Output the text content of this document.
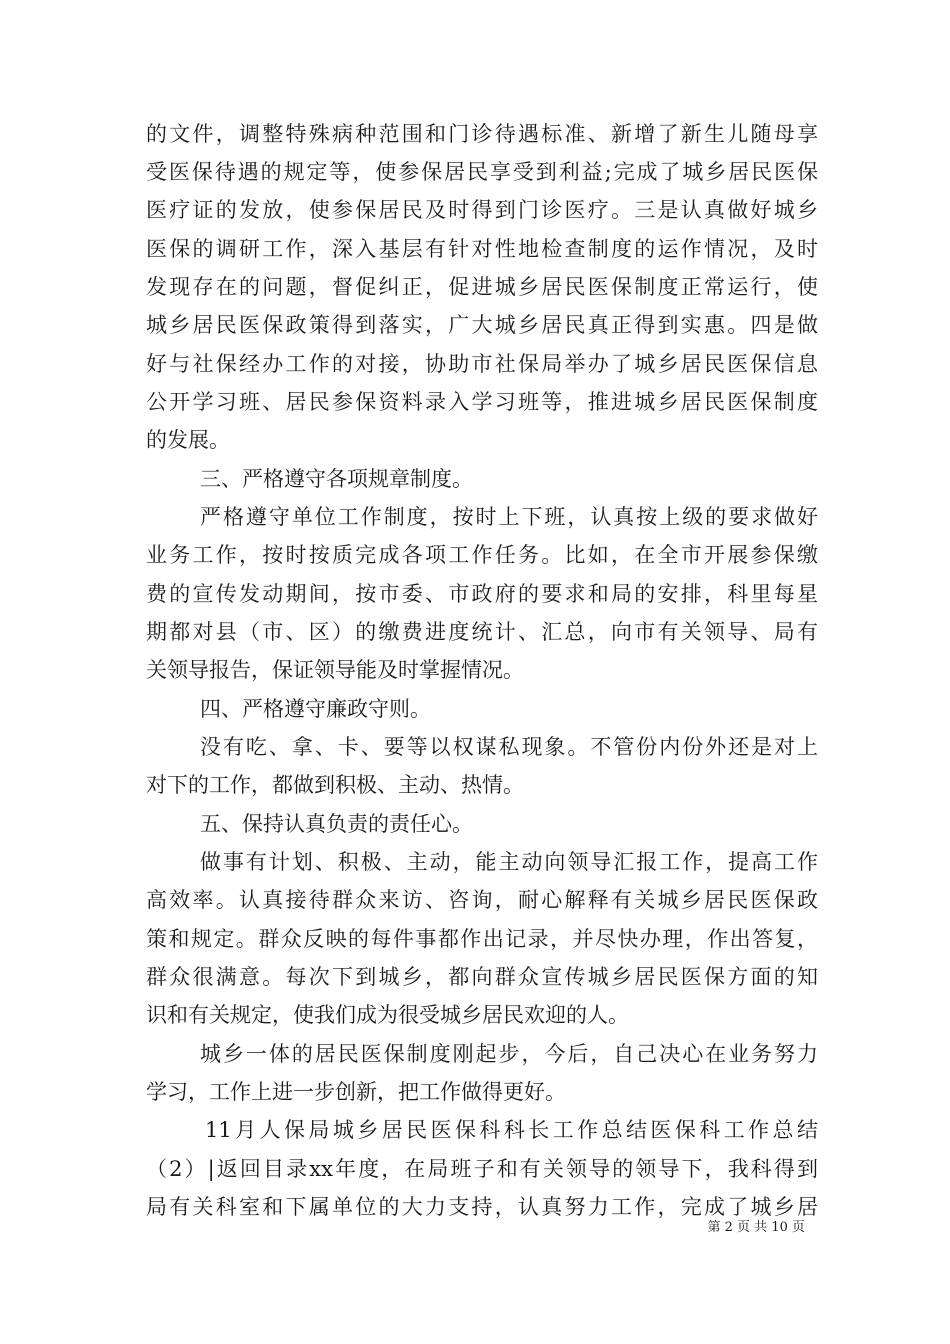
的文件，调整特殊病种范围和门诊待遇标准、新增了新生儿随母享
受医保待遇的规定等，使参保居民享受到利益;完成了城乡居民医保
医疗证的发放，使参保居民及时得到门诊医疗。三是认真做好城乡
医保的调研工作，深入基层有针对性地检查制度的运作情况，及时
发现存在的问题，督促纠正，促进城乡居民医保制度正常运行，使
城乡居民医保政策得到落实，广大城乡居民真正得到实惠。四是做
好与社保经办工作的对接，协助市社保局举办了城乡居民医保信息
公开学习班、居民参保资料录入学习班等，推进城乡居民医保制度
的发展。
三、严格遵守各项规章制度。
严格遵守单位工作制度，按时上下班，认真按上级的要求做好
业务工作，按时按质完成各项工作任务。比如，在全市开展参保缴
费的宣传发动期间，按市委、市政府的要求和局的安排，科里每星
期都对县（市、区）的缴费进度统计、汇总，向市有关领导、局有
关领导报告，保证领导能及时掌握情况。
四、严格遵守廉政守则。
没有吃、拿、卡、要等以权谋私现象。不管份内份外还是对上
对下的工作，都做到积极、主动、热情。
五、保持认真负责的责任心。
做事有计划、积极、主动，能主动向领导汇报工作，提高工作
高效率。认真接待群众来访、咨询，耐心解释有关城乡居民医保政
策和规定。群众反映的每件事都作出记录，并尽快办理，作出答复，
群众很满意。每次下到城乡，都向群众宣传城乡居民医保方面的知
识和有关规定，使我们成为很受城乡居民欢迎的人。
城乡一体的居民医保制度刚起步，今后，自己决心在业务努力
学习，工作上进一步创新，把工作做得更好。
11月人保局城乡居民医保科科长工作总结医保科工作总结
（2）|返回目录xx年度，在局班子和有关领导的领导下，我科得到
局有关科室和下属单位的大力支持，认真努力工作，完成了城乡居
第 2 页 共 10 页
